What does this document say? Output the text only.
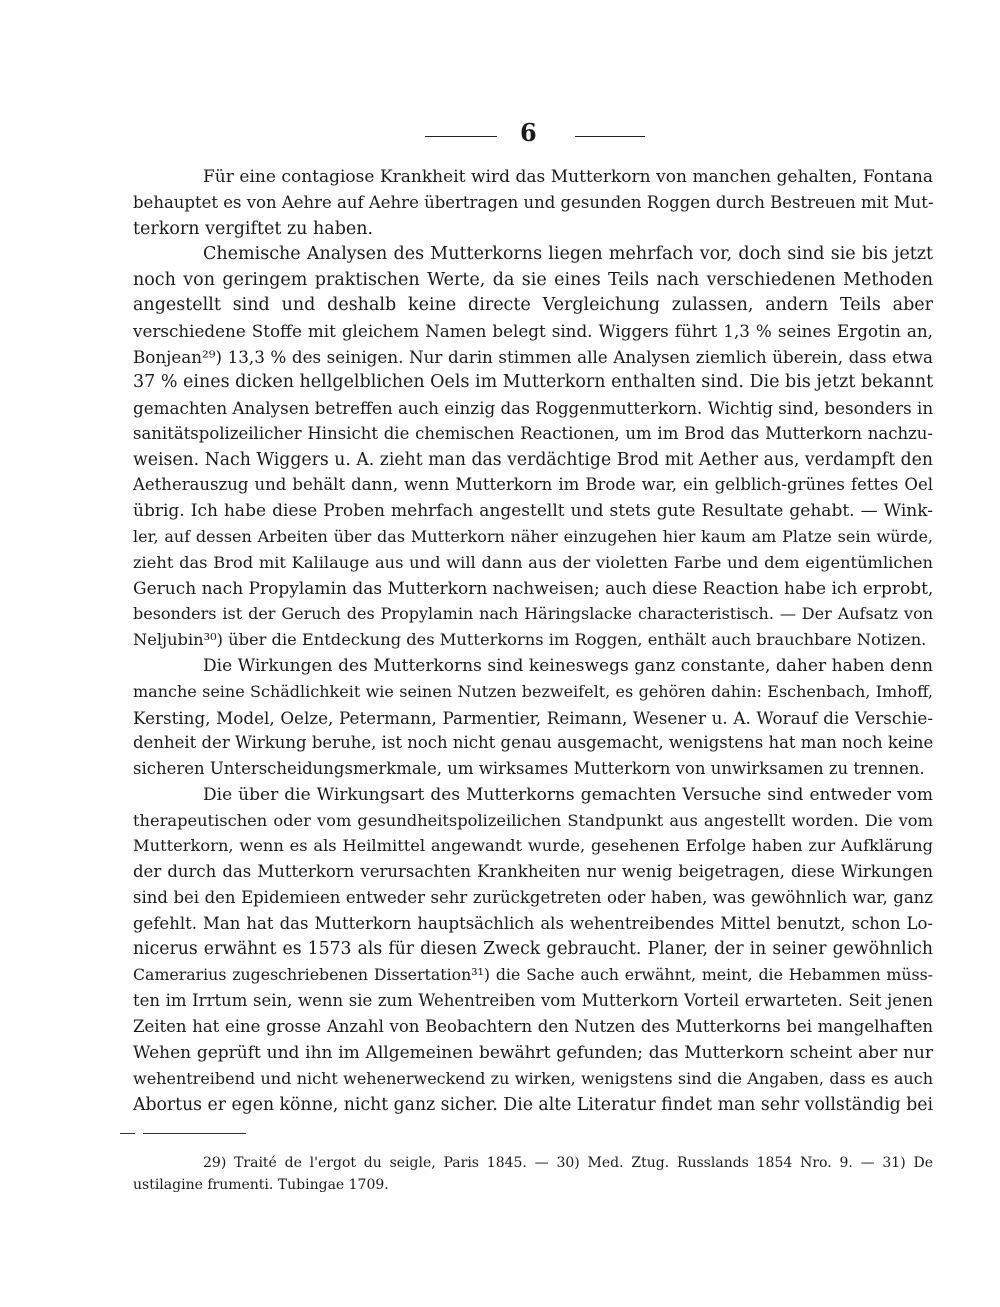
6
Für eine contagiose Krankheit wird das Mutterkorn von manchen gehalten, Fontana
behauptet es von Aehre auf Aehre übertragen und gesunden Roggen durch Bestreuen mit Mut-
terkorn vergiftet zu haben.
Chemische Analysen des Mutterkorns liegen mehrfach vor, doch sind sie bis jetzt
noch von geringem praktischen Werte, da sie eines Teils nach verschiedenen Methoden
angestellt sind und deshalb keine directe Vergleichung zulassen, andern Teils aber
verschiedene Stoffe mit gleichem Namen belegt sind. Wiggers führt 1,3 % seines Ergotin an,
Bonjean²⁹) 13,3 % des seinigen. Nur darin stimmen alle Analysen ziemlich überein, dass etwa
37 % eines dicken hellgelblichen Oels im Mutterkorn enthalten sind. Die bis jetzt bekannt
gemachten Analysen betreffen auch einzig das Roggenmutterkorn. Wichtig sind, besonders in
sanitätspolizeilicher Hinsicht die chemischen Reactionen, um im Brod das Mutterkorn nachzu-
weisen. Nach Wiggers u. A. zieht man das verdächtige Brod mit Aether aus, verdampft den
Aetherauszug und behält dann, wenn Mutterkorn im Brode war, ein gelblich-grünes fettes Oel
übrig. Ich habe diese Proben mehrfach angestellt und stets gute Resultate gehabt. — Wink-
ler, auf dessen Arbeiten über das Mutterkorn näher einzugehen hier kaum am Platze sein würde,
zieht das Brod mit Kalilauge aus und will dann aus der violetten Farbe und dem eigentümlichen
Geruch nach Propylamin das Mutterkorn nachweisen; auch diese Reaction habe ich erprobt,
besonders ist der Geruch des Propylamin nach Häringslacke characteristisch. — Der Aufsatz von
Neljubin³⁰) über die Entdeckung des Mutterkorns im Roggen, enthält auch brauchbare Notizen.
Die Wirkungen des Mutterkorns sind keineswegs ganz constante, daher haben denn
manche seine Schädlichkeit wie seinen Nutzen bezweifelt, es gehören dahin: Eschenbach, Imhoff,
Kersting, Model, Oelze, Petermann, Parmentier, Reimann, Wesener u. A. Worauf die Verschie-
denheit der Wirkung beruhe, ist noch nicht genau ausgemacht, wenigstens hat man noch keine
sicheren Unterscheidungsmerkmale, um wirksames Mutterkorn von unwirksamen zu trennen.
Die über die Wirkungsart des Mutterkorns gemachten Versuche sind entweder vom
therapeutischen oder vom gesundheitspolizeilichen Standpunkt aus angestellt worden. Die vom
Mutterkorn, wenn es als Heilmittel angewandt wurde, gesehenen Erfolge haben zur Aufklärung
der durch das Mutterkorn verursachten Krankheiten nur wenig beigetragen, diese Wirkungen
sind bei den Epidemieen entweder sehr zurückgetreten oder haben, was gewöhnlich war, ganz
gefehlt. Man hat das Mutterkorn hauptsächlich als wehentreibendes Mittel benutzt, schon Lo-
nicerus erwähnt es 1573 als für diesen Zweck gebraucht. Planer, der in seiner gewöhnlich
Camerarius zugeschriebenen Dissertation³¹) die Sache auch erwähnt, meint, die Hebammen müss-
ten im Irrtum sein, wenn sie zum Wehentreiben vom Mutterkorn Vorteil erwarteten. Seit jenen
Zeiten hat eine grosse Anzahl von Beobachtern den Nutzen des Mutterkorns bei mangelhaften
Wehen geprüft und ihn im Allgemeinen bewährt gefunden; das Mutterkorn scheint aber nur
wehentreibend und nicht wehenerweckend zu wirken, wenigstens sind die Angaben, dass es auch
Abortus er egen könne, nicht ganz sicher. Die alte Literatur findet man sehr vollständig bei
29) Traité de l'ergot du seigle, Paris 1845. — 30) Med. Ztug. Russlands 1854 Nro. 9. — 31) De
ustilagine frumenti. Tubingae 1709.
